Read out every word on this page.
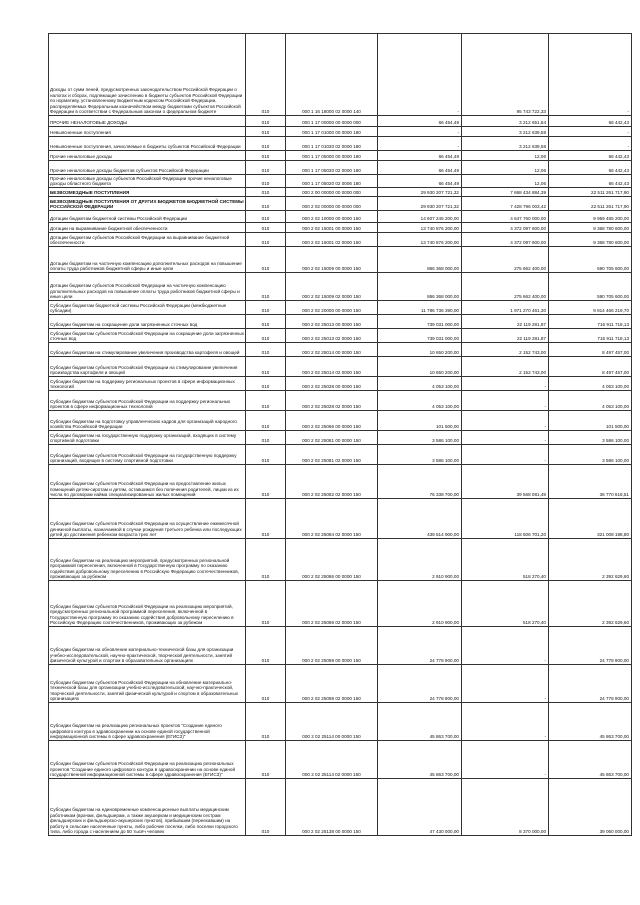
Доходы от сумм пеней, предусмотренных законодательством Российской Федерации о налогах и сборах, подлежащие зачислению в бюджеты субъектов Российской Федерации по нормативу, установленному Бюджетным кодексом Российской Федерации, распределяемых Федеральным казначейством между бюджетами субъектов Российской Федерации в соответствии с Федеральным законом о федеральном бюджете	010	000 1 16 18000 02 0000 140	-	95 743 722,33	-
ПРОЧИЕ НЕНАЛОГОВЫЕ ДОХОДЫ	010	000 1 17 00000 00 0000 000	66 454,49	3 212 651,64	66 442,43
Невыясненные поступления	010	000 1 17 01000 00 0000 180	-	3 212 639,58	-
Невыясненные поступления, зачисляемые в бюджеты субъектов Российской Федерации	010	000 1 17 01020 02 0000 180	-	3 212 639,58	-
Прочие неналоговые доходы	010	000 1 17 05000 00 0000 180	66 454,49	12,06	66 442,43
Прочие неналоговые доходы бюджетов субъектов Российской Федерации	010	000 1 17 05020 02 0000 180	66 454,49	12,06	66 442,43
Прочие неналоговые доходы субъектов Российской Федерации прочие неналоговые доходы областного бюджета	010	000 1 17 05020 02 0006 180	66 454,49	12,06	66 442,43
БЕЗВОЗМЕЗДНЫЕ ПОСТУПЛЕНИЯ	010	000 2 00 00000 00 0000 000	29 930 207 721,32	7 668 434 884,39	22 511 261 717,90
БЕЗВОЗМЕЗДНЫЕ ПОСТУПЛЕНИЯ ОТ ДРУГИХ БЮДЖЕТОВ БЮДЖЕТНОЙ СИСТЕМЫ РОССИЙСКОЙ ФЕДЕРАЦИИ	010	000 2 02 00000 00 0000 000	29 930 207 721,32	7 428 796 003,42	22 511 261 717,90
Дотации бюджетам бюджетной системы Российской Федерации	010	000 2 02 10000 00 0000 150	14 607 245 200,00	4 647 760 000,00	9 959 485 200,00
Дотации на выравнивание бюджетной обеспеченности	010	000 2 02 15001 00 0000 150	13 740 876 200,00	4 372 097 600,00	9 368 780 600,00
Дотации бюджетам субъектов Российской Федерации на выравнивание бюджетной обеспеченности	010	000 2 02 15001 02 0000 150	13 740 876 200,00	4 372 097 600,00	9 368 780 600,00
Дотации бюджетам на частичную компенсацию дополнительных расходов на повышение оплаты труда работников бюджетной сферы и иные цели	010	000 2 02 15009 00 0000 150	866 368 000,00	275 662 400,00	590 705 600,00
Дотации бюджетам субъектов Российской Федерации на частичную компенсацию дополнительных расходов на повышение оплаты труда работников бюджетной сферы и иные цели	010	000 2 02 15009 02 0000 150	866 368 000,00	275 662 400,00	590 705 600,00
Субсидии бюджетам бюджетной системы Российской Федерации (межбюджетные субсидии)	010	000 2 02 20000 00 0000 150	11 786 736 390,00	1 971 270 461,30	9 814 466 219,70
Субсидии бюджетам на сокращение доли загрязненных сточных вод	010	000 2 02 25013 00 0000 150	739 031 000,00	22 119 281,87	716 911 718,13
Субсидии бюджетам субъектов Российской Федерации на сокращение доли загрязненных сточных вод	010	000 2 02 25013 02 0000 150	739 031 000,00	22 119 281,87	716 911 718,13
Субсидии бюджетам на стимулирование увеличения производства картофеля и овощей	010	000 2 02 25014 00 0000 150	10 650 200,00	2 152 743,00	8 497 457,00
Субсидии бюджетам субъектов Российской Федерации на стимулирование увеличения производства картофеля и овощей	010	000 2 02 25014 02 0000 150	10 650 200,00	2 152 743,00	8 497 457,00
Субсидии бюджетам на поддержку региональных проектов в сфере информационных технологий	010	000 2 02 25028 00 0000 150	4 053 100,00	-	4 053 100,00
Субсидии бюджетам субъектов Российской Федерации на поддержку региональных проектов в сфере информационных технологий	010	000 2 02 25028 02 0000 150	4 053 100,00	-	4 053 100,00
Субсидии бюджетам на подготовку управленческих кадров для организаций народного хозяйства Российской Федерации	010	000 2 02 25066 00 0000 150	101 500,00	-	101 500,00
Субсидии бюджетам на государственную поддержку организаций, входящих в систему спортивной подготовки	010	000 2 02 25081 00 0000 150	3 586 100,00	-	3 586 100,00
Субсидии бюджетам субъектов Российской Федерации на государственную поддержку организаций, входящих в систему спортивной подготовки	010	000 2 02 25081 02 0000 150	3 586 100,00	-	3 586 100,00
Субсидии бюджетам субъектов Российской Федерации на предоставление жилых помещений детям-сиротам и детям, оставшимся без попечения родителей, лицам из их числа по договорам найма специализированных жилых помещений	010	000 2 02 25082 02 0000 150	76 338 700,00	39 568 081,49	36 770 618,51
Субсидии бюджетам субъектов Российской Федерации на осуществление ежемесячной денежной выплаты, назначаемой в случае рождения третьего ребенка или последующих детей до достижения ребенком возраста трех лет	010	000 2 02 25084 02 0000 150	439 514 900,00	118 506 701,20	321 008 198,80
Субсидии бюджетам на реализацию мероприятий, предусмотренных региональной программой переселения, включенной в Государственную программу по оказанию содействия добровольному переселению в Российскую Федерацию соотечественников, проживающих за рубежом	010	000 2 02 25086 00 0000 150	2 910 900,00	518 270,40	2 392 629,60
Субсидии бюджетам субъектов Российской Федерации на реализацию мероприятий, предусмотренных региональной программой переселения, включенной в Государственную программу по оказанию содействия добровольному переселению в Российскую Федерацию соотечественников, проживающих за рубежом	010	000 2 02 25086 02 0000 150	2 910 900,00	518 270,40	2 392 629,60
Субсидии бюджетам на обновление материально-технической базы для организации учебно-исследовательской, научно-практической, творческой деятельности, занятий физической культурой и спортом в образовательных организациях	010	000 2 02 25098 00 0000 150	24 778 900,00	-	24 778 900,00
Субсидии бюджетам субъектов Российской Федерации на обновление материально-технической базы для организации учебно-исследовательской, научно-практической, творческой деятельности, занятий физической культурой и спортом в образовательных организациях	010	000 2 02 25098 02 0000 150	24 778 900,00	-	24 778 900,00
Субсидии бюджетам на реализацию региональных проектов "Создание единого цифрового контура в здравоохранении на основе единой государственной информационной системы в сфере здравоохранения (ЕГИСЗ)"	010	000 2 02 25114 00 0000 150	45 863 700,00	-	45 863 700,00
Субсидии бюджетам субъектов Российской Федерации на реализацию региональных проектов "Создание единого цифрового контура в здравоохранении на основе единой государственной информационной системы в сфере здравоохранения (ЕГИСЗ)"	010	000 2 02 25114 02 0000 150	45 863 700,00	-	45 863 700,00
Субсидии бюджетам на единовременные компенсационные выплаты медицинским работникам (врачам, фельдшерам, а также акушеркам и медицинским сестрам фельдшерских и фельдшерско-акушерских пунктов), прибывшим (переехавшим) на работу в сельские населенные пункты, либо рабочие поселки, либо поселки городского типа, либо города с населением до 50 тысяч человек	010	000 2 02 25138 00 0000 150	47 430 000,00	8 370 000,00	39 060 000,00
